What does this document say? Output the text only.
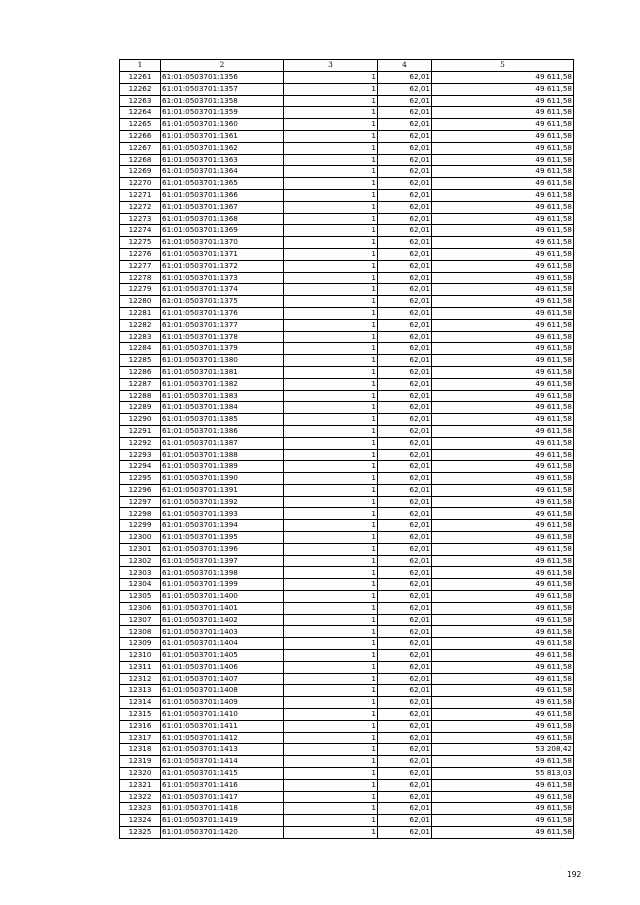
1	2	3	4	5
12261	61:01:0503701:1356	1	62,01	49 611,58
12262	61:01:0503701:1357	1	62,01	49 611,58
12263	61:01:0503701:1358	1	62,01	49 611,58
12264	61:01:0503701:1359	1	62,01	49 611,58
12265	61:01:0503701:1360	1	62,01	49 611,58
12266	61:01:0503701:1361	1	62,01	49 611,58
12267	61:01:0503701:1362	1	62,01	49 611,58
12268	61:01:0503701:1363	1	62,01	49 611,58
12269	61:01:0503701:1364	1	62,01	49 611,58
12270	61:01:0503701:1365	1	62,01	49 611,58
12271	61:01:0503701:1366	1	62,01	49 611,58
12272	61:01:0503701:1367	1	62,01	49 611,58
12273	61:01:0503701:1368	1	62,01	49 611,58
12274	61:01:0503701:1369	1	62,01	49 611,58
12275	61:01:0503701:1370	1	62,01	49 611,58
12276	61:01:0503701:1371	1	62,01	49 611,58
12277	61:01:0503701:1372	1	62,01	49 611,58
12278	61:01:0503701:1373	1	62,01	49 611,58
12279	61:01:0503701:1374	1	62,01	49 611,58
12280	61:01:0503701:1375	1	62,01	49 611,58
12281	61:01:0503701:1376	1	62,01	49 611,58
12282	61:01:0503701:1377	1	62,01	49 611,58
12283	61:01:0503701:1378	1	62,01	49 611,58
12284	61:01:0503701:1379	1	62,01	49 611,58
12285	61:01:0503701:1380	1	62,01	49 611,58
12286	61:01:0503701:1381	1	62,01	49 611,58
12287	61:01:0503701:1382	1	62,01	49 611,58
12288	61:01:0503701:1383	1	62,01	49 611,58
12289	61:01:0503701:1384	1	62,01	49 611,58
12290	61:01:0503701:1385	1	62,01	49 611,58
12291	61:01:0503701:1386	1	62,01	49 611,58
12292	61:01:0503701:1387	1	62,01	49 611,58
12293	61:01:0503701:1388	1	62,01	49 611,58
12294	61:01:0503701:1389	1	62,01	49 611,58
12295	61:01:0503701:1390	1	62,01	49 611,58
12296	61:01:0503701:1391	1	62,01	49 611,58
12297	61:01:0503701:1392	1	62,01	49 611,58
12298	61:01:0503701:1393	1	62,01	49 611,58
12299	61:01:0503701:1394	1	62,01	49 611,58
12300	61:01:0503701:1395	1	62,01	49 611,58
12301	61:01:0503701:1396	1	62,01	49 611,58
12302	61:01:0503701:1397	1	62,01	49 611,58
12303	61:01:0503701:1398	1	62,01	49 611,58
12304	61:01:0503701:1399	1	62,01	49 611,58
12305	61:01:0503701:1400	1	62,01	49 611,58
12306	61:01:0503701:1401	1	62,01	49 611,58
12307	61:01:0503701:1402	1	62,01	49 611,58
12308	61:01:0503701:1403	1	62,01	49 611,58
12309	61:01:0503701:1404	1	62,01	49 611,58
12310	61:01:0503701:1405	1	62,01	49 611,58
12311	61:01:0503701:1406	1	62,01	49 611,58
12312	61:01:0503701:1407	1	62,01	49 611,58
12313	61:01:0503701:1408	1	62,01	49 611,58
12314	61:01:0503701:1409	1	62,01	49 611,58
12315	61:01:0503701:1410	1	62,01	49 611,58
12316	61:01:0503701:1411	1	62,01	49 611,58
12317	61:01:0503701:1412	1	62,01	49 611,58
12318	61:01:0503701:1413	1	62,01	53 208,42
12319	61:01:0503701:1414	1	62,01	49 611,58
12320	61:01:0503701:1415	1	62,01	55 813,03
12321	61:01:0503701:1416	1	62,01	49 611,58
12322	61:01:0503701:1417	1	62,01	49 611,58
12323	61:01:0503701:1418	1	62,01	49 611,58
12324	61:01:0503701:1419	1	62,01	49 611,58
12325	61:01:0503701:1420	1	62,01	49 611,58
192
